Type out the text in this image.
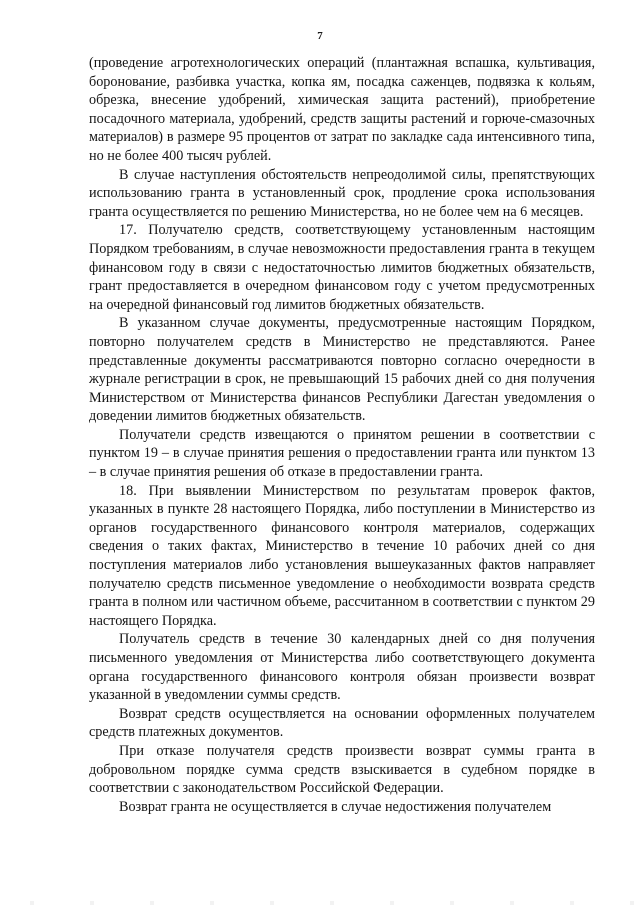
7

(проведение агротехнологических операций (плантажная вспашка, культивация, боронование, разбивка участка, копка ям, посадка саженцев, подвязка к кольям, обрезка, внесение удобрений, химическая защита растений), приобретение посадочного материала, удобрений, средств защиты растений и горюче-смазочных материалов) в размере 95 процентов от затрат по закладке сада интенсивного типа, но не более 400 тысяч рублей.

В случае наступления обстоятельств непреодолимой силы, препятствующих использованию гранта в установленный срок, продление срока использования гранта осуществляется по решению Министерства, но не более чем на 6 месяцев.

17. Получателю средств, соответствующему установленным настоящим Порядком требованиям, в случае невозможности предоставления гранта в текущем финансовом году в связи с недостаточностью лимитов бюджетных обязательств, грант предоставляется в очередном финансовом году с учетом предусмотренных на очередной финансовый год лимитов бюджетных обязательств.

В указанном случае документы, предусмотренные настоящим Порядком, повторно получателем средств в Министерство не представляются. Ранее представленные документы рассматриваются повторно согласно очередности в журнале регистрации в срок, не превышающий 15 рабочих дней со дня получения Министерством от Министерства финансов Республики Дагестан уведомления о доведении лимитов бюджетных обязательств.

Получатели средств извещаются о принятом решении в соответствии с пунктом 19 – в случае принятия решения о предоставлении гранта или пунктом 13 – в случае принятия решения об отказе в предоставлении гранта.

18. При выявлении Министерством по результатам проверок фактов, указанных в пункте 28 настоящего Порядка, либо поступлении в Министерство из органов государственного финансового контроля материалов, содержащих сведения о таких фактах, Министерство в течение 10 рабочих дней со дня поступления материалов либо установления вышеуказанных фактов направляет получателю средств письменное уведомление о необходимости возврата средств гранта в полном или частичном объеме, рассчитанном в соответствии с пунктом 29 настоящего Порядка.

Получатель средств в течение 30 календарных дней со дня получения письменного уведомления от Министерства либо соответствующего документа органа государственного финансового контроля обязан произвести возврат указанной в уведомлении суммы средств.

Возврат средств осуществляется на основании оформленных получателем средств платежных документов.

При отказе получателя средств произвести возврат суммы гранта в добровольном порядке сумма средств взыскивается в судебном порядке в соответствии с законодательством Российской Федерации.

Возврат гранта не осуществляется в случае недостижения получателем
